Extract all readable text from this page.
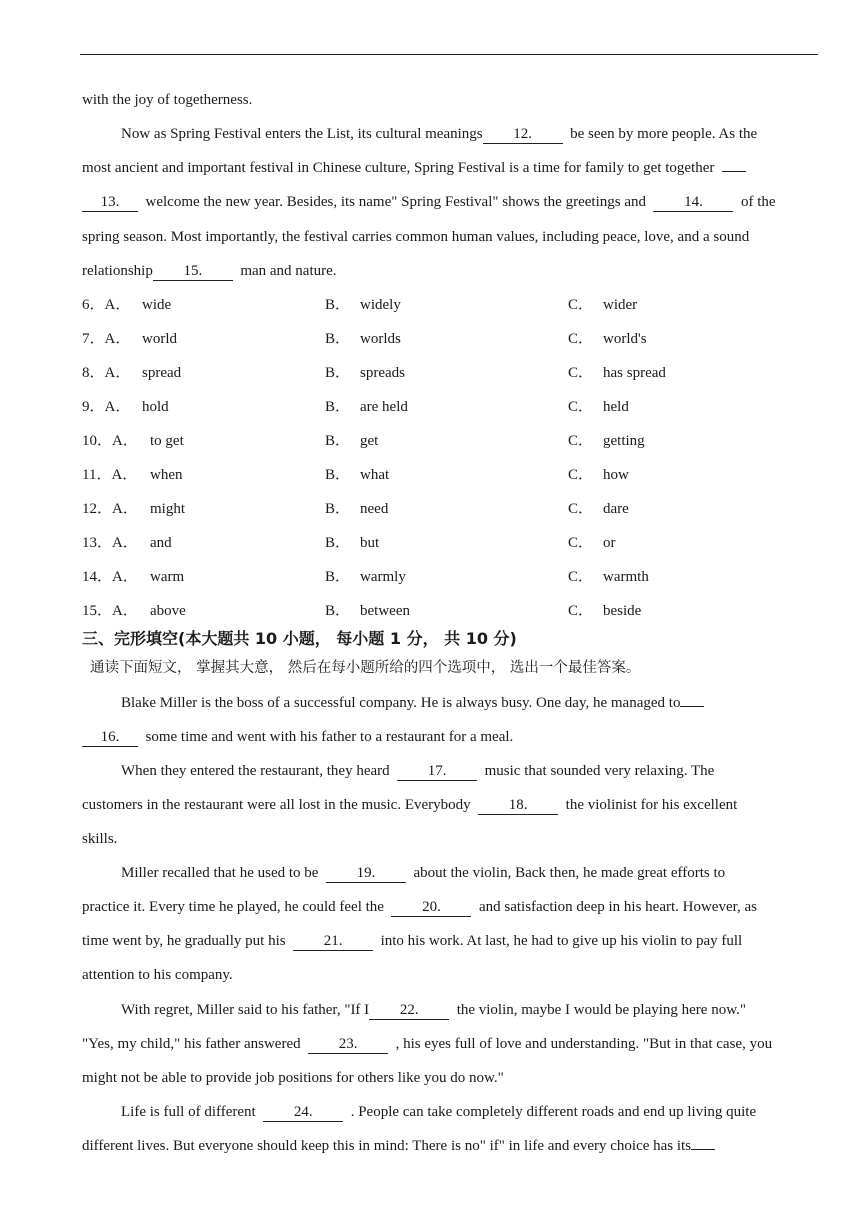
with the joy of togetherness.
Now as Spring Festival enters the List, its cultural meanings 12.	be seen by more people. As the
most ancient and important festival in Chinese culture, Spring Festival is a time for family to get together
13. welcome the new year. Besides, its name" Spring Festival" shows the greetings and	14.	of the
spring season. Most importantly, the festival carries common human values, including peace, love, and a sound
relationship 15.	man and nature.
6．A． wide	B． widely	C． wider
7．A． world	B． worlds	C． world's
8．A． spread	B． spreads	C． has spread
9．A． hold	B． are held	C． held
10．A． to get	B． get	C． getting
11．A． when	B． what	C． how
12．A． might	B． need	C． dare
13．A． and	B． but	C． or
14．A． warm	B． warmly	C． warmth
15．A． above	B． between	C． beside
三、完形填空(本大题共 10 小题， 每小题 1 分， 共 10 分)
通读下面短文， 掌握其大意， 然后在每小题所给的四个选项中， 选出一个最佳答案。
Blake Miller is the boss of a successful company. He is always busy. One day, he managed to
16. some time and went with his father to a restaurant for a meal.
When they entered the restaurant, they heard	17.	music that sounded very relaxing. The
customers in the restaurant were all lost in the music. Everybody	18.	the violinist for his excellent
skills.
Miller recalled that he used to be	19.	about the violin, Back then, he made great efforts to
practice it. Every time he played, he could feel the	20.	and satisfaction deep in his heart. However, as
time went by, he gradually put his	21.	into his work. At last, he had to give up his violin to pay full
attention to his company.
With regret, Miller said to his father, "If I 22.	the violin, maybe I would be playing here now."
"Yes, my child," his father answered	23.	, his eyes full of love and understanding. "But in that case, you
might not be able to provide job positions for others like you do now."
Life is full of different	24.	. People can take completely different roads and end up living quite
different lives. But everyone should keep this in mind: There is no" if" in life and every choice has its
